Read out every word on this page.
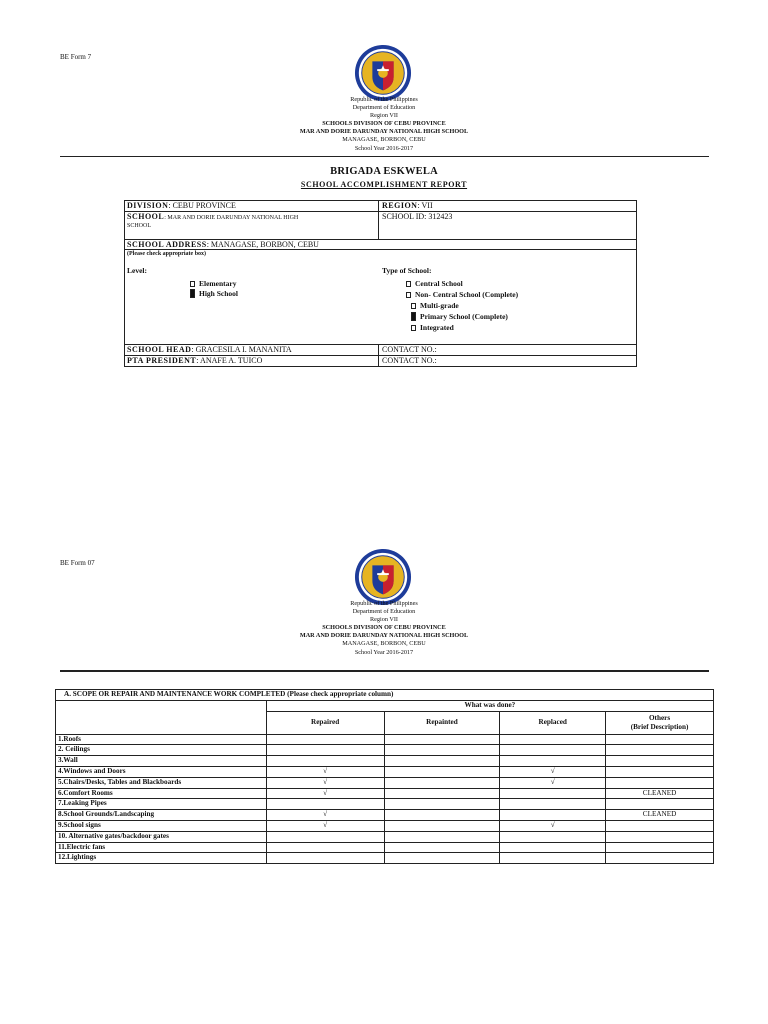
BE Form 7
Republic of the Philippines
Department of Education
Region VII
SCHOOLS DIVISION OF CEBU PROVINCE
MAR AND DORIE DARUNDAY NATIONAL HIGH SCHOOL
MANAGASE, BORBON, CEBU
School Year 2016-2017
BRIGADA ESKWELA
SCHOOL ACCOMPLISHMENT REPORT
DIVISION: CEBU PROVINCE	REGION: VII
SCHOOL: MAR AND DORIE DARUNDAY NATIONAL HIGH
SCHOOL
SCHOOL ID: 312423
SCHOOL ADDRESS: MANAGASE, BORBON, CEBU
(Please check appropriate box)
Level:
Elementary
High School
Type of School:
Central School
Non- Central School (Complete)
Multi-grade
Primary School (Complete)
Integrated
SCHOOL HEAD: GRACESILA I. MANANITA	CONTACT NO.:
PTA PRESIDENT: ANAFE A. TUICO	CONTACT NO.:
BE Form 07
Republic of the Philippines
Department of Education
Region VII
SCHOOLS DIVISION OF CEBU PROVINCE
MAR AND DORIE DARUNDAY NATIONAL HIGH SCHOOL
MANAGASE, BORBON, CEBU
School Year 2016-2017
A. SCOPE OR REPAIR AND MAINTENANCE WORK COMPLETED (Please check appropriate column)				
	What was done?			
	Repaired	Repainted	Replaced	Others
(Brief Description)

1.Roofs				
2. Ceilings				
3.Wall				
4.Windows and Doors	√		√	
5.Chairs/Desks, Tables and Blackboards	√		√	
6.Comfort Rooms	√			CLEANED
7.Leaking Pipes				
8.School Grounds/Landscaping	√			CLEANED
9.School signs	√		√	
10. Alternative gates/backdoor gates				
11.Electric fans				
12.Lightings				
